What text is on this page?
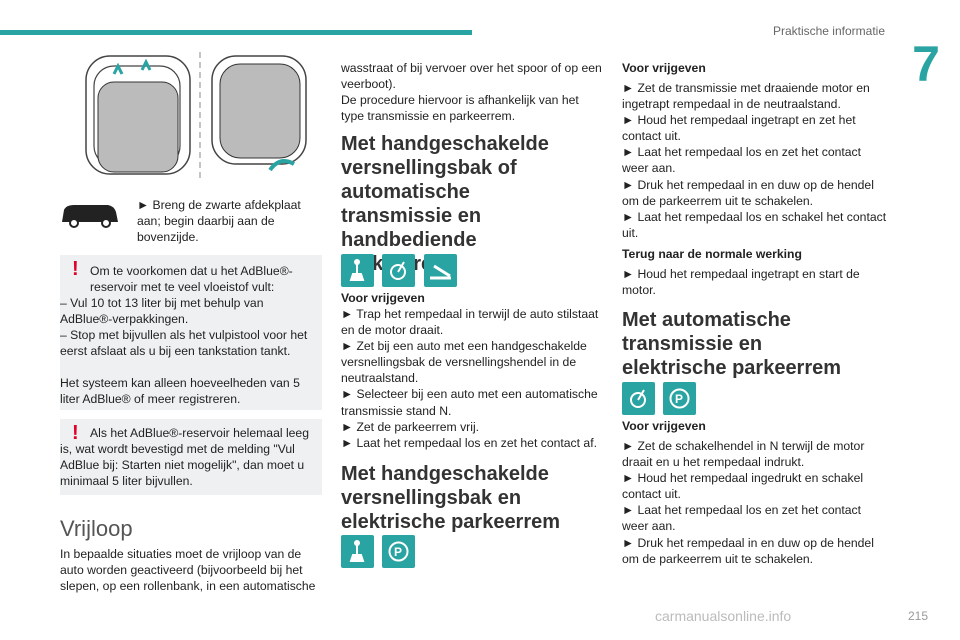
Praktische informatie
7

► Breng de zwarte afdekplaat aan; begin daarbij aan de bovenzijde.

! Om te voorkomen dat u het AdBlue®-reservoir met te veel vloeistof vult:

– Vul 10 tot 13 liter bij met behulp van AdBlue®-verpakkingen.

– Stop met bijvullen als het vulpistool voor het eerst afslaat als u bij een tankstation tankt.

Het systeem kan alleen hoeveelheden van 5 liter AdBlue® of meer registreren.

! Als het AdBlue®-reservoir helemaal leeg is, wat wordt bevestigd met de melding "Vul AdBlue bij: Starten niet mogelijk", dan moet u minimaal 5 liter bijvullen.

Vrijloop

In bepaalde situaties moet de vrijloop van de auto worden geactiveerd (bijvoorbeeld bij het slepen, op een rollenbank, in een automatische

wasstraat of bij vervoer over het spoor of op een veerboot).

De procedure hiervoor is afhankelijk van het type transmissie en parkeerrem.

Met handgeschakelde versnellingsbak of automatische transmissie en handbediende

Voor vrijgeven

► Trap het rempedaal in terwijl de auto stilstaat en de motor draait.

► Zet bij een auto met een handgeschakelde versnellingsbak de versnellingshendel in de neutraalstand.

► Selecteer bij een auto met een automatische transmissie stand N.

► Zet de parkeerrem vrij.

► Laat het rempedaal los en zet het contact af.

Met handgeschakelde versnellingsbak en elektrische parkeerrem

P

Voor vrijgeven

► Zet de transmissie met draaiende motor en ingetrapt rempedaal in de neutraalstand.

► Houd het rempedaal ingetrapt en zet het contact uit.

► Laat het rempedaal los en zet het contact weer aan.

► Druk het rempedaal in en duw op de hendel om de parkeerrem uit te schakelen.

► Laat het rempedaal los en schakel het contact uit.

Terug naar de normale werking

► Houd het rempedaal ingetrapt en start de motor.

Met automatische transmissie en elektrische parkeerrem

P

Voor vrijgeven

► Zet de schakelhendel in N terwijl de motor draait en u het rempedaal indrukt.

► Houd het rempedaal ingedrukt en schakel contact uit.

► Laat het rempedaal los en zet het contact weer aan.

► Druk het rempedaal in en duw op de hendel om de parkeerrem uit te schakelen.

carmanualsonline.info	215
